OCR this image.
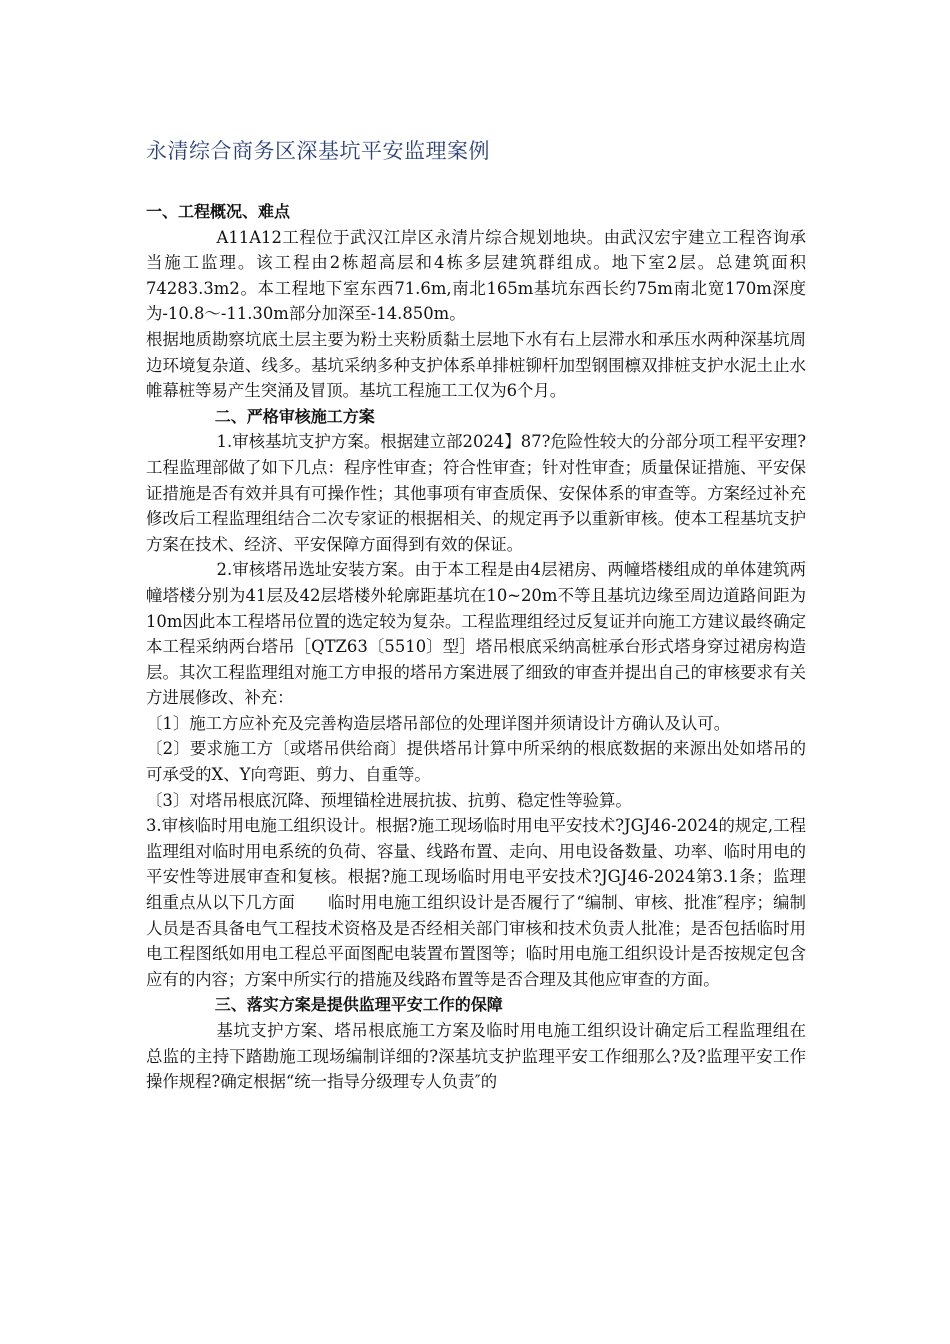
永清综合商务区深基坑平安监理案例

一、工程概况、难点

A11A12工程位于武汉江岸区永清片综合规划地块。由武汉宏宇建立工程咨询承当施工监理。该工程由2栋超高层和4栋多层建筑群组成。地下室2层。总建筑面积74283.3m2。本工程地下室东西71.6m,南北165m基坑东西长约75m南北宽170m深度为-10.8～-11.30m部分加深至-14.850m。

根据地质勘察坑底土层主要为粉土夹粉质黏土层地下水有右上层滞水和承压水两种深基坑周边环境复杂道、线多。基坑采纳多种支护体系单排桩铆杆加型钢围檩双排桩支护水泥土止水帷幕桩等易产生突涌及冒顶。基坑工程施工工仅为6个月。

二、严格审核施工方案

1.审核基坑支护方案。根据建立部2024】87?危险性较大的分部分项工程平安理?工程监理部做了如下几点：程序性审查；符合性审查；针对性审查；质量保证措施、平安保证措施是否有效并具有可操作性；其他事项有审查质保、安保体系的审查等。方案经过补充修改后工程监理组结合二次专家证的根据相关、的规定再予以重新审核。使本工程基坑支护方案在技术、经济、平安保障方面得到有效的保证。

2.审核塔吊选址安装方案。由于本工程是由4层裙房、两幢塔楼组成的单体建筑两幢塔楼分别为41层及42层塔楼外轮廓距基坑在10~20m不等且基坑边缘至周边道路间距为10m因此本工程塔吊位置的选定较为复杂。工程监理组经过反复证并向施工方建议最终确定本工程采纳两台塔吊［QTZ63〔5510〕型］塔吊根底采纳高桩承台形式塔身穿过裙房构造层。其次工程监理组对施工方申报的塔吊方案进展了细致的审查并提出自己的审核要求有关方进展修改、补充：

〔1〕施工方应补充及完善构造层塔吊部位的处理详图并须请设计方确认及认可。

〔2〕要求施工方〔或塔吊供给商〕提供塔吊计算中所采纳的根底数据的来源出处如塔吊的可承受的X、Y向弯距、剪力、自重等。

〔3〕对塔吊根底沉降、预埋锚栓进展抗拔、抗剪、稳定性等验算。

3.审核临时用电施工组织设计。根据?施工现场临时用电平安技术?JGJ46-2024的规定,工程监理组对临时用电系统的负荷、容量、线路布置、走向、用电设备数量、功率、临时用电的平安性等进展审查和复核。根据?施工现场临时用电平安技术?JGJ46-2024第3.1条；监理组重点从以下几方面　　临时用电施工组织设计是否履行了“编制、审核、批准″程序；编制人员是否具备电气工程技术资格及是否经相关部门审核和技术负责人批准；是否包括临时用电工程图纸如用电工程总平面图配电装置布置图等；临时用电施工组织设计是否按规定包含应有的内容；方案中所实行的措施及线路布置等是否合理及其他应审查的方面。

三、落实方案是提供监理平安工作的保障

基坑支护方案、塔吊根底施工方案及临时用电施工组织设计确定后工程监理组在总监的主持下踏勘施工现场编制详细的?深基坑支护监理平安工作细那么?及?监理平安工作操作规程?确定根据“统一指导分级理专人负责″的
